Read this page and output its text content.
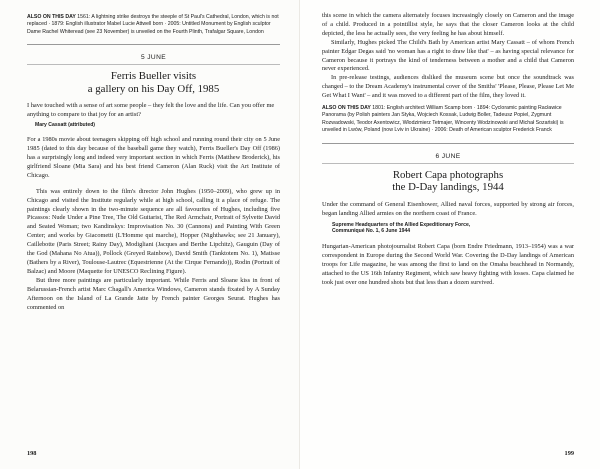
ALSO ON THIS DAY 1561: A lightning strike destroys the steeple of St Paul's Cathedral, London, which is not replaced · 1879: English illustrator Mabel Lucie Attwell born · 2005: Untitled Monument by English sculptor Dame Rachel Whiteread (see 23 November) is unveiled on the Fourth Plinth, Trafalgar Square, London

5 JUNE
Ferris Bueller visits
a gallery on his Day Off, 1985

I have touched with a sense of art some people – they felt the love and the life. Can you offer me anything to compare to that joy for an artist?

Mary Cassatt (attributed)

For a 1980s movie about teenagers skipping off high school and running round their city on 5 June 1985 (dated to this day because of the baseball game they watch), Ferris Bueller's Day Off (1986) has a surprisingly long and indeed very important section in which Ferris (Matthew Broderick), his girlfriend Sloane (Mia Sara) and his best friend Cameron (Alan Ruck) visit the Art Institute of Chicago.

This was entirely down to the film's director John Hughes (1950–2009), who grew up in Chicago and visited the Institute regularly while at high school, calling it a place of refuge. The paintings clearly shown in the two-minute sequence are all favourites of Hughes, including five Picassos: Nude Under a Pine Tree, The Old Guitarist, The Red Armchair, Portrait of Sylvette David and Seated Woman; two Kandinskys: Improvisation No. 30 (Cannons) and Painting With Green Center; and works by Giacometti (L'Homme qui marche), Hopper (Nighthawks; see 21 January), Caillebotte (Paris Street; Rainy Day), Modigliani (Jacques and Berthe Lipchitz), Gauguin (Day of the God (Mahana No Atua)), Pollock (Greyed Rainbow), David Smith (Tanktotem No. 1), Matisse (Bathers by a River), Toulouse-Lautrec (Equestrienne (At the Cirque Fernando)), Rodin (Portrait of Balzac) and Moore (Maquette for UNESCO Reclining Figure).

But three more paintings are particularly important. While Ferris and Sloane kiss in front of Belarussian-French artist Marc Chagall's America Windows, Cameron stands fixated by A Sunday Afternoon on the Island of La Grande Jatte by French painter Georges Seurat. Hughes has commented on

198

this scene in which the camera alternately focuses increasingly closely on Cameron and the image of a child. Produced in a pointillist style, he says that the closer Cameron looks at the child depicted, the less he actually sees, the very feeling he has about himself.

Similarly, Hughes picked The Child's Bath by American artist Mary Cassatt – of whom French painter Edgar Degas said 'no woman has a right to draw like that' – as having special relevance for Cameron because it portrays the kind of tenderness between a mother and a child that Cameron never experienced.

In pre-release testings, audiences disliked the museum scene but once the soundtrack was changed – to the Dream Academy's instrumental cover of the Smiths' 'Please, Please, Please Let Me Get What I Want' – and it was moved to a different part of the film, they loved it.

ALSO ON THIS DAY 1801: English architect William Scamp born · 1894: Cycloramic painting Racławice Panorama (by Polish painters Jan Styka, Wojciech Kossak, Ludwig Boller, Tadeusz Popiel, Zygmunt Rozwadowski, Teodor Axentowicz, Włodzimierz Tetmajer, Wincenty Wodzinowski and Michał Sozański) is unveiled in Lwów, Poland (now Lviv in Ukraine) · 2006: Death of American sculptor Frederick Franck

6 JUNE
Robert Capa photographs
the D-Day landings, 1944

Under the command of General Eisenhower, Allied naval forces, supported by strong air forces, began landing Allied armies on the northern coast of France.

Supreme Headquarters of the Allied Expeditionary Force,
Communiqué No. 1, 6 June 1944

Hungarian-American photojournalist Robert Capa (born Endre Friedmann, 1913–1954) was a war correspondent in Europe during the Second World War. Covering the D-Day landings of American troops for Life magazine, he was among the first to land on the Omaha beachhead in Normandy, attached to the US 16th Infantry Regiment, which saw heavy fighting with losses. Capa claimed he took just over one hundred shots but that less than a dozen survived.

199
